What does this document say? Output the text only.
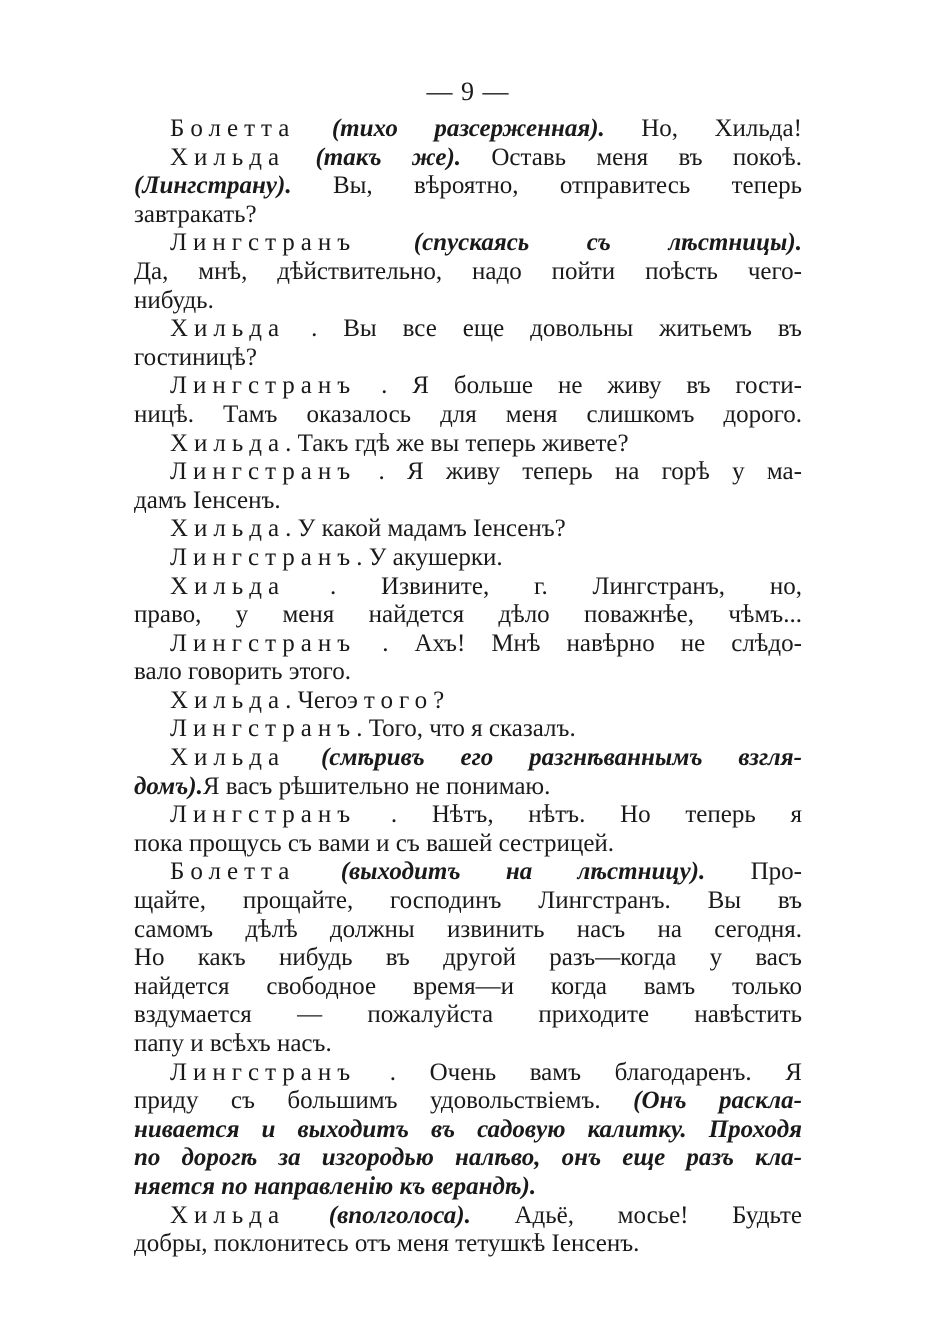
— 9 —
Болетта (тихо разсерженная). Но, Хильда!
Хильда (такъ же). Оставь меня въ покоѣ.
(Лингстрану). Вы, вѣроятно, отправитесь теперь
завтракать?
Лингстранъ (спускаясь съ лѣстницы).
Да, мнѣ, дѣйствительно, надо пойти поѣсть чего-
нибудь.
Хильда . Вы все еще довольны житьемъ въ
гостиницѣ?
Лингстранъ . Я больше не живу въ гости-
ницѣ. Тамъ оказалось для меня слишкомъ дорого.
Хильда . Такъ гдѣ же вы теперь живете?
Лингстранъ . Я живу теперь на горѣ у ма-
дамъ Іенсенъ.
Хильда . У какой мадамъ Іенсенъ?
Лингстранъ . У акушерки.
Хильда . Извините, г. Лингстранъ, но,
право, у меня найдется дѣло поважнѣе, чѣмъ...
Лингстранъ . Ахъ! Мнѣ навѣрно не слѣдо-
вало говорить этого.
Хильда . Чего этого ?
Лингстранъ . Того, что я сказалъ.
Хильда (смѣривъ его разгнѣваннымъ взгля-
домъ). Я васъ рѣшительно не понимаю.
Лингстранъ . Нѣтъ, нѣтъ. Но теперь я
пока прощусь съ вами и съ вашей сестрицей.
Болетта (выходитъ на лѣстницу). Про-
щайте, прощайте, господинъ Лингстранъ. Вы въ
самомъ дѣлѣ должны извинить насъ на сегодня.
Но какъ нибудь въ другой разъ—когда у васъ
найдется свободное время—и когда вамъ только
вздумается — пожалуйста приходите навѣстить
папу и всѣхъ насъ.
Лингстранъ . Очень вамъ благодаренъ. Я
приду съ большимъ удовольствіемъ. (Онъ раскла-
нивается и выходитъ въ садовую калитку. Проходя
по дорогѣ за изгородью налѣво, онъ еще разъ кла-
няется по направленію къ верандѣ).
Хильда (вполголоса). Адьё, мосье! Будьте
добры, поклонитесь отъ меня тетушкѣ Іенсенъ.
